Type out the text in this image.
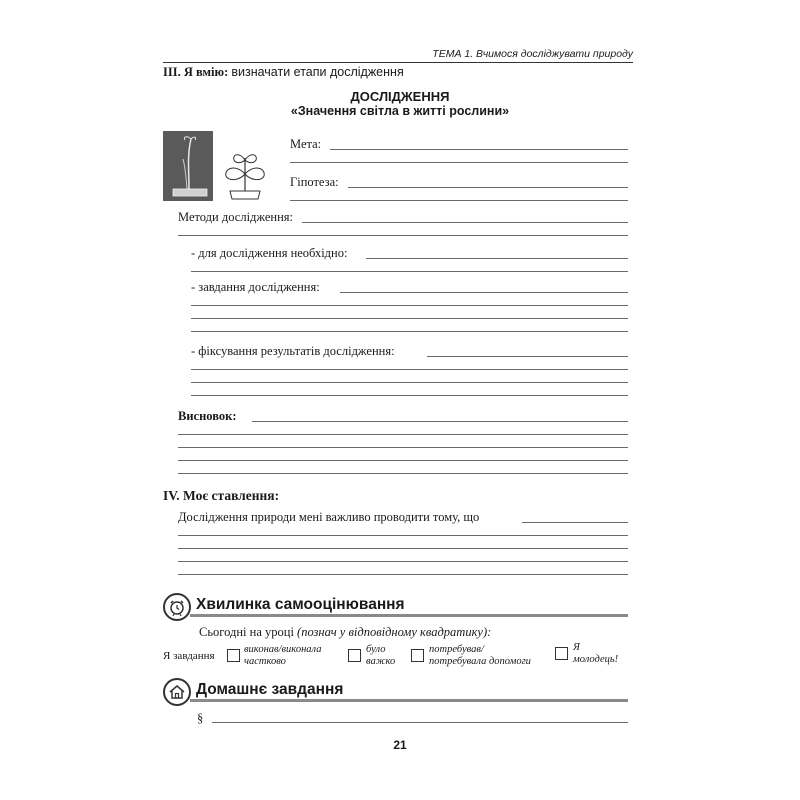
ТЕМА 1. Вчимося досліджувати природу
ІІІ. Я вмію: визначати етапи дослідження
ДОСЛІДЖЕННЯ
«Значення світла в житті рослини»
Мета:
Гіпотеза:
Методи дослідження:
- для дослідження необхідно:
- завдання дослідження:
- фіксування результатів дослідження:
Висновок:
IV. Моє ставлення:
Дослідження природи мені важливо проводити тому, що
Хвилинка самооцінювання
Сьогодні на уроці (познач у відповідному квадратику):
Я завдання
виконав/виконала
частково
було
важко
потребував/
потребувала допомоги
Я
молодець!
Домашнє завдання
§
21
